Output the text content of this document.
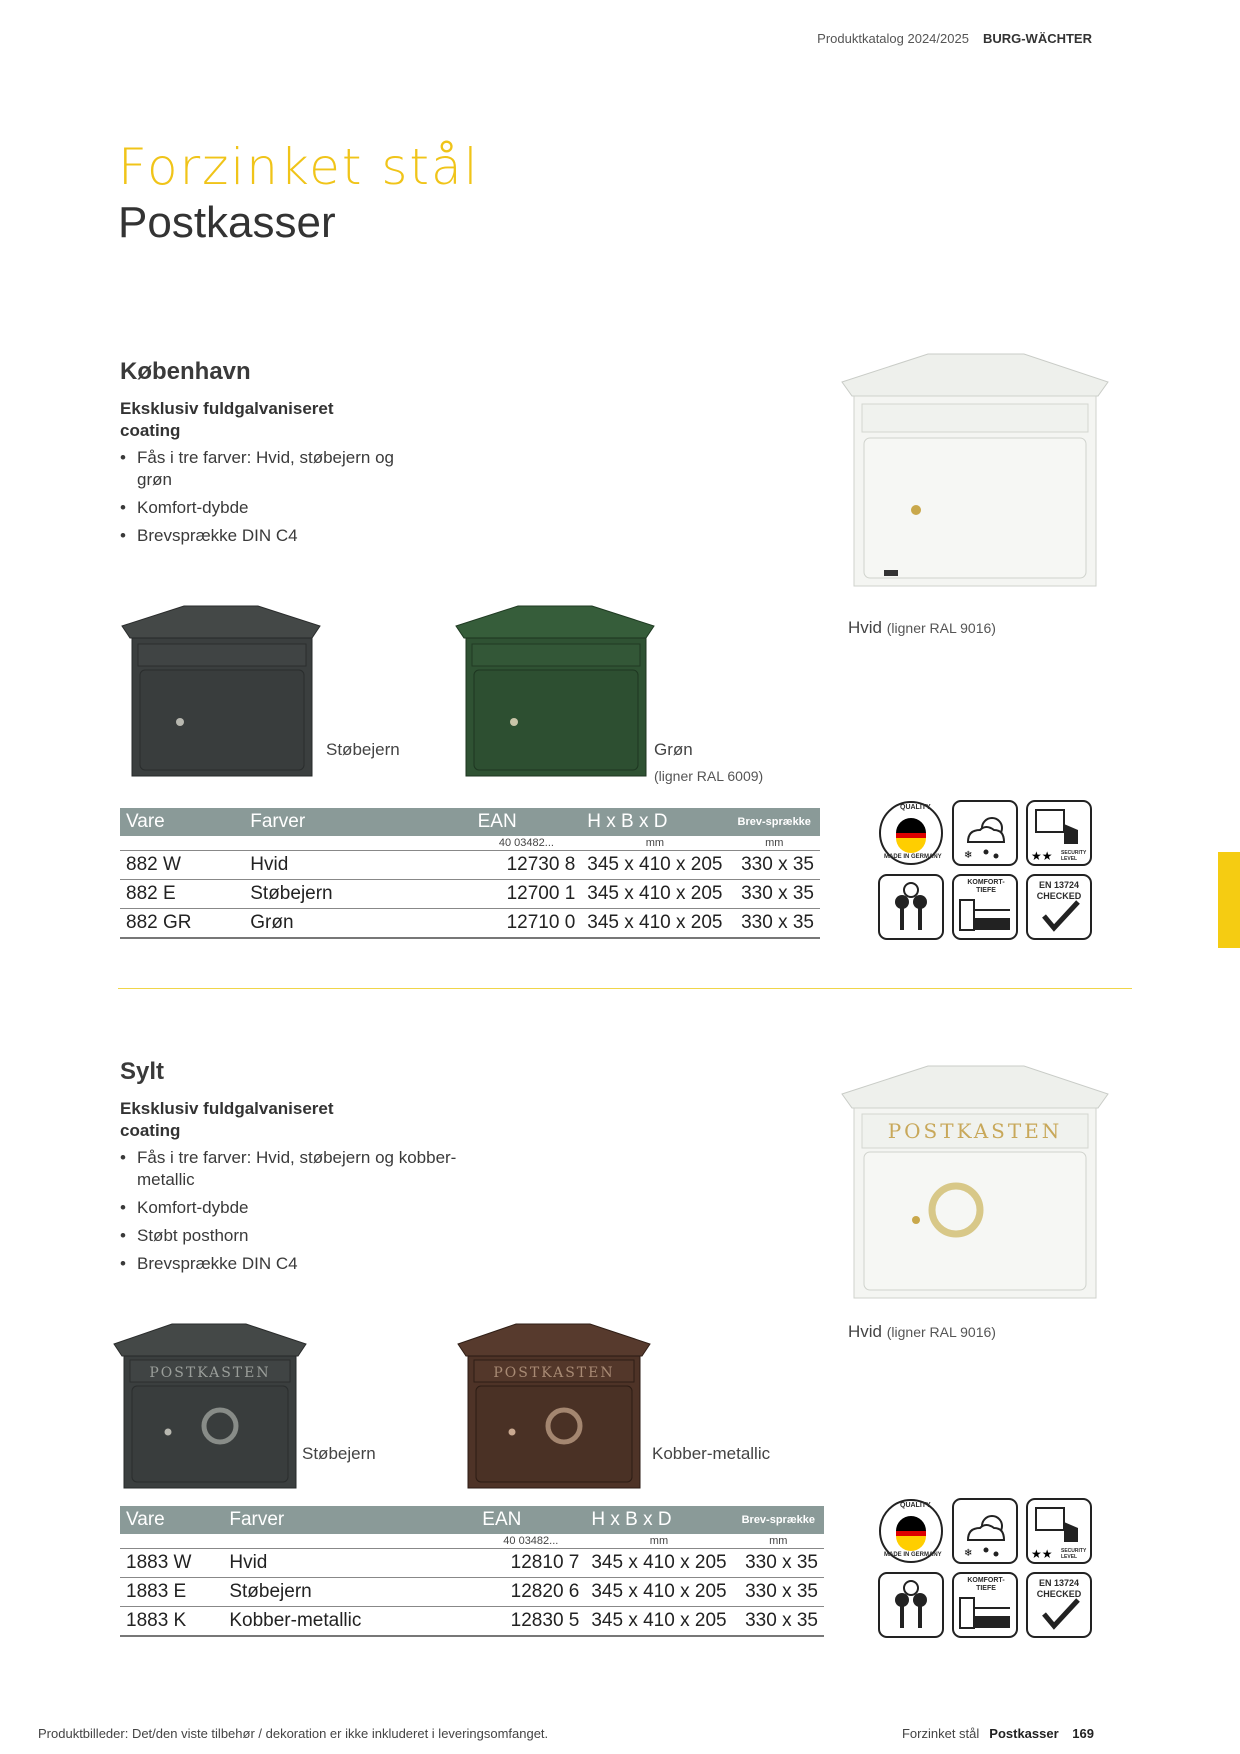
Produktkatalog 2024/2025 BURG-WÄCHTER
Forzinket stål
Postkasser
København
Eksklusiv fuldgalvaniseret coating
• Fås i tre farver: Hvid, støbejern og grøn
• Komfort-dybde
• Brevsprække DIN C4
Hvid (ligner RAL 9016)
Støbejern	Grøn
(ligner RAL 6009)
Vare	Farver	EAN	H x B x D	Brev-sprække
		40 03482...	mm	mm
882 W	Hvid	12730 8	345 x 410 x 205	330 x 35
882 E	Støbejern	12700 1	345 x 410 x 205	330 x 35
882 GR	Grøn	12710 0	345 x 410 x 205	330 x 35
QUALITY
MADE IN GERMANY ❄	★★ SECURITY LEVEL
KOMFORT-TIEFE
EN 13724
CHECKED
Sylt
Eksklusiv fuldgalvaniseret coating
• Fås i tre farver: Hvid, støbejern og kobber-metallic
• Komfort-dybde
• Støbt posthorn
• Brevsprække DIN C4
POSTKASTEN
Hvid (ligner RAL 9016)
POSTKASTEN
Støbejern
POSTKASTEN
Kobber-metallic
Vare	Farver	EAN	H x B x D	Brev-sprække
		40 03482...	mm	mm
1883 W	Hvid	12810 7	345 x 410 x 205	330 x 35
1883 E	Støbejern	12820 6	345 x 410 x 205	330 x 35
1883 K	Kobber-metallic	12830 5	345 x 410 x 205	330 x 35
QUALITY
MADE IN GERMANY ❄	★★ SECURITY LEVEL
KOMFORT-TIEFE
EN 13724
CHECKED
Produktbilleder: Det/den viste tilbehør / dekoration er ikke inkluderet i leveringsomfanget.	Forzinket stål Postkasser 169
